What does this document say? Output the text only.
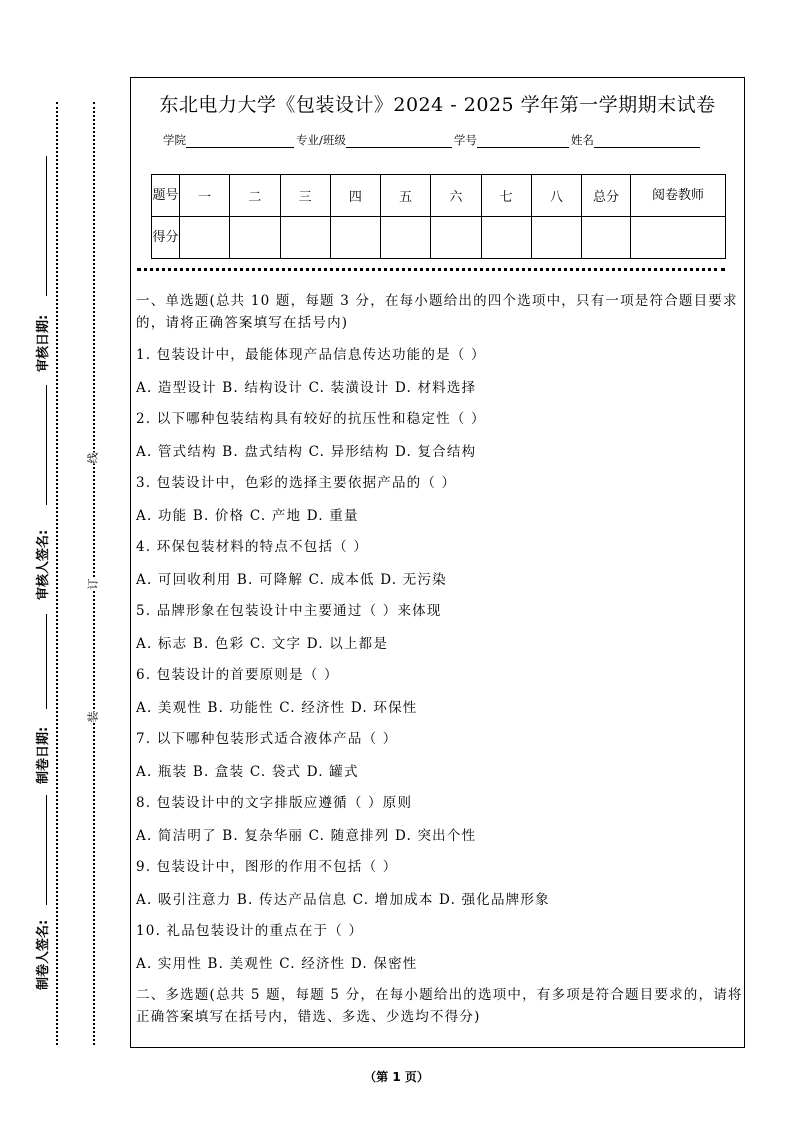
审核日期:
审核人签名:
制卷日期:
制卷人签名:
线
订
装
东北电力大学《包装设计》2024 - 2025 学年第一学期期末试卷
学院	专业/班级	学号	姓名
题号	一	二	三	四	五	六	七	八	总分	阅卷教师
得分										

一、单选题(总共 10 题，每题 3 分，在每小题给出的四个选项中，只有一项是符合题目要求的，请将正确答案填写在括号内)

1. 包装设计中，最能体现产品信息传达功能的是（ ）

A. 造型设计 B. 结构设计 C. 装潢设计 D. 材料选择

2. 以下哪种包装结构具有较好的抗压性和稳定性（ ）

A. 管式结构 B. 盘式结构 C. 异形结构 D. 复合结构

3. 包装设计中，色彩的选择主要依据产品的（ ）

A. 功能 B. 价格 C. 产地 D. 重量

4. 环保包装材料的特点不包括（ ）

A. 可回收利用 B. 可降解 C. 成本低 D. 无污染

5. 品牌形象在包装设计中主要通过（ ）来体现

A. 标志 B. 色彩 C. 文字 D. 以上都是

6. 包装设计的首要原则是（ ）

A. 美观性 B. 功能性 C. 经济性 D. 环保性

7. 以下哪种包装形式适合液体产品（ ）

A. 瓶装 B. 盒装 C. 袋式 D. 罐式

8. 包装设计中的文字排版应遵循（ ）原则

A. 简洁明了 B. 复杂华丽 C. 随意排列 D. 突出个性

9. 包装设计中，图形的作用不包括（ ）

A. 吸引注意力 B. 传达产品信息 C. 增加成本 D. 强化品牌形象

10. 礼品包装设计的重点在于（ ）

A. 实用性 B. 美观性 C. 经济性 D. 保密性

二、多选题(总共 5 题，每题 5 分，在每小题给出的选项中，有多项是符合题目要求的，请将正确答案填写在括号内，错选、多选、少选均不得分)

（第 1 页）
